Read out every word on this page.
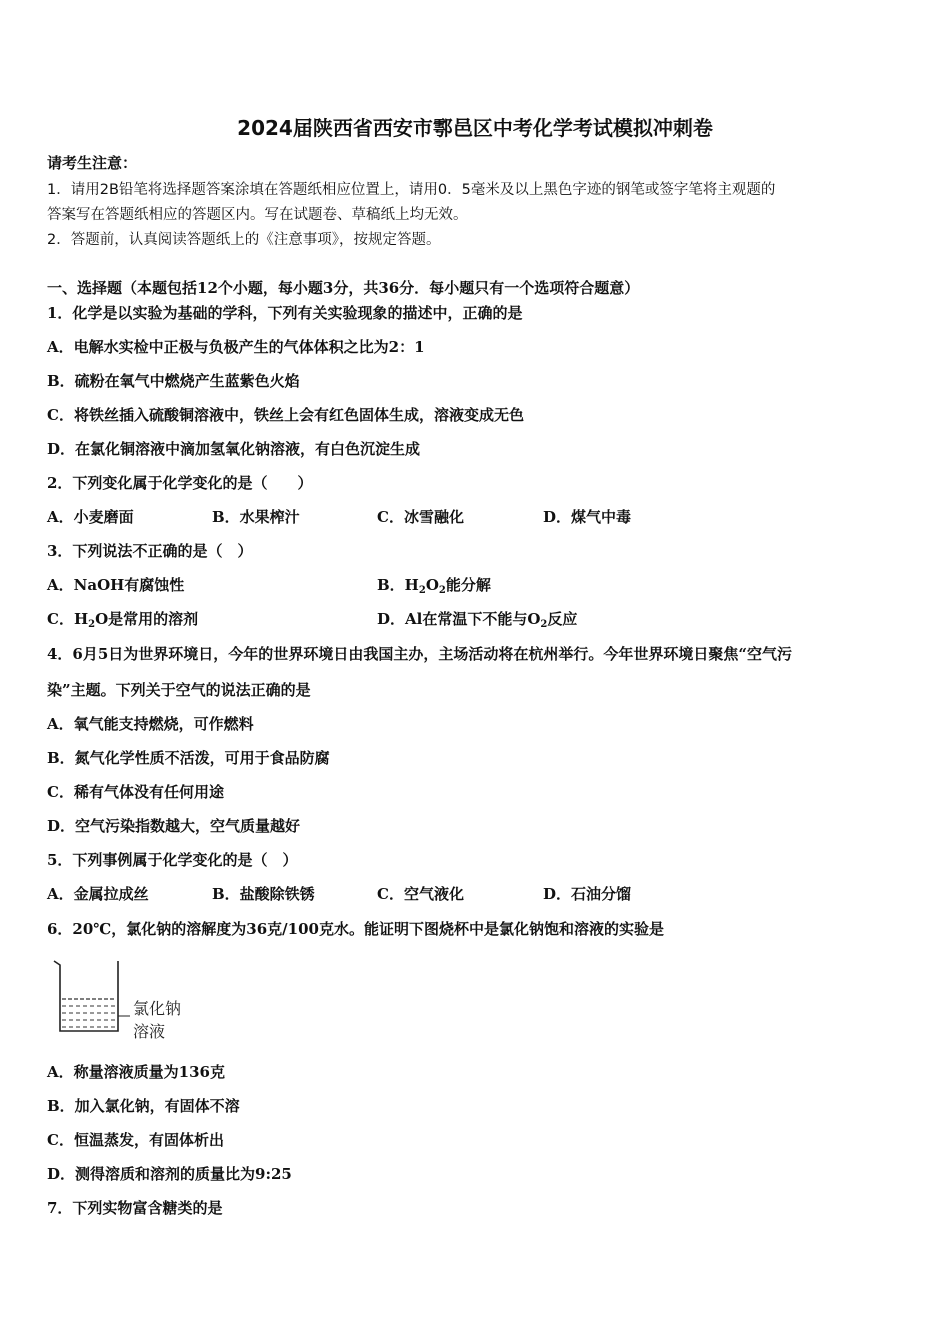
2024届陕西省西安市鄠邑区中考化学考试模拟冲刺卷
请考生注意：
1．请用2B铅笔将选择题答案涂填在答题纸相应位置上，请用0．5毫米及以上黑色字迹的钢笔或签字笔将主观题的
答案写在答题纸相应的答题区内。写在试题卷、草稿纸上均无效。
2．答题前，认真阅读答题纸上的《注意事项》，按规定答题。
一、选择题（本题包括12个小题，每小题3分，共36分．每小题只有一个选项符合题意）
1．化学是以实验为基础的学科，下列有关实验现象的描述中，正确的是
A．电解水实检中正极与负极产生的气体体积之比为2：1
B．硫粉在氧气中燃烧产生蓝紫色火焰
C．将铁丝插入硫酸铜溶液中，铁丝上会有红色固体生成，溶液变成无色
D．在氯化铜溶液中滴加氢氧化钠溶液，有白色沉淀生成
2．下列变化属于化学变化的是（　　）
A．小麦磨面	B．水果榨汁	C．冰雪融化	D．煤气中毒
3．下列说法不正确的是（　）
A．NaOH有腐蚀性	B．$H_2O_2$能分解
C．$H_2O$是常用的溶剂	D．Al在常温下不能与$O_2$反应
4．6月5日为世界环境日，今年的世界环境日由我国主办，主场活动将在杭州举行。今年世界环境日聚焦“空气污
染”主题。下列关于空气的说法正确的是
A．氧气能支持燃烧，可作燃料
B．氮气化学性质不活泼，可用于食品防腐
C．稀有气体没有任何用途
D．空气污染指数越大，空气质量越好
5．下列事例属于化学变化的是（　）
A．金属拉成丝	B．盐酸除铁锈	C．空气液化	D．石油分馏
6．20℃，氯化钠的溶解度为36克/100克水。能证明下图烧杯中是氯化钠饱和溶液的实验是
氯化钠
溶液
A．称量溶液质量为136克
B．加入氯化钠，有固体不溶
C．恒温蒸发，有固体析出
D．测得溶质和溶剂的质量比为9:25
7．下列实物富含糖类的是
